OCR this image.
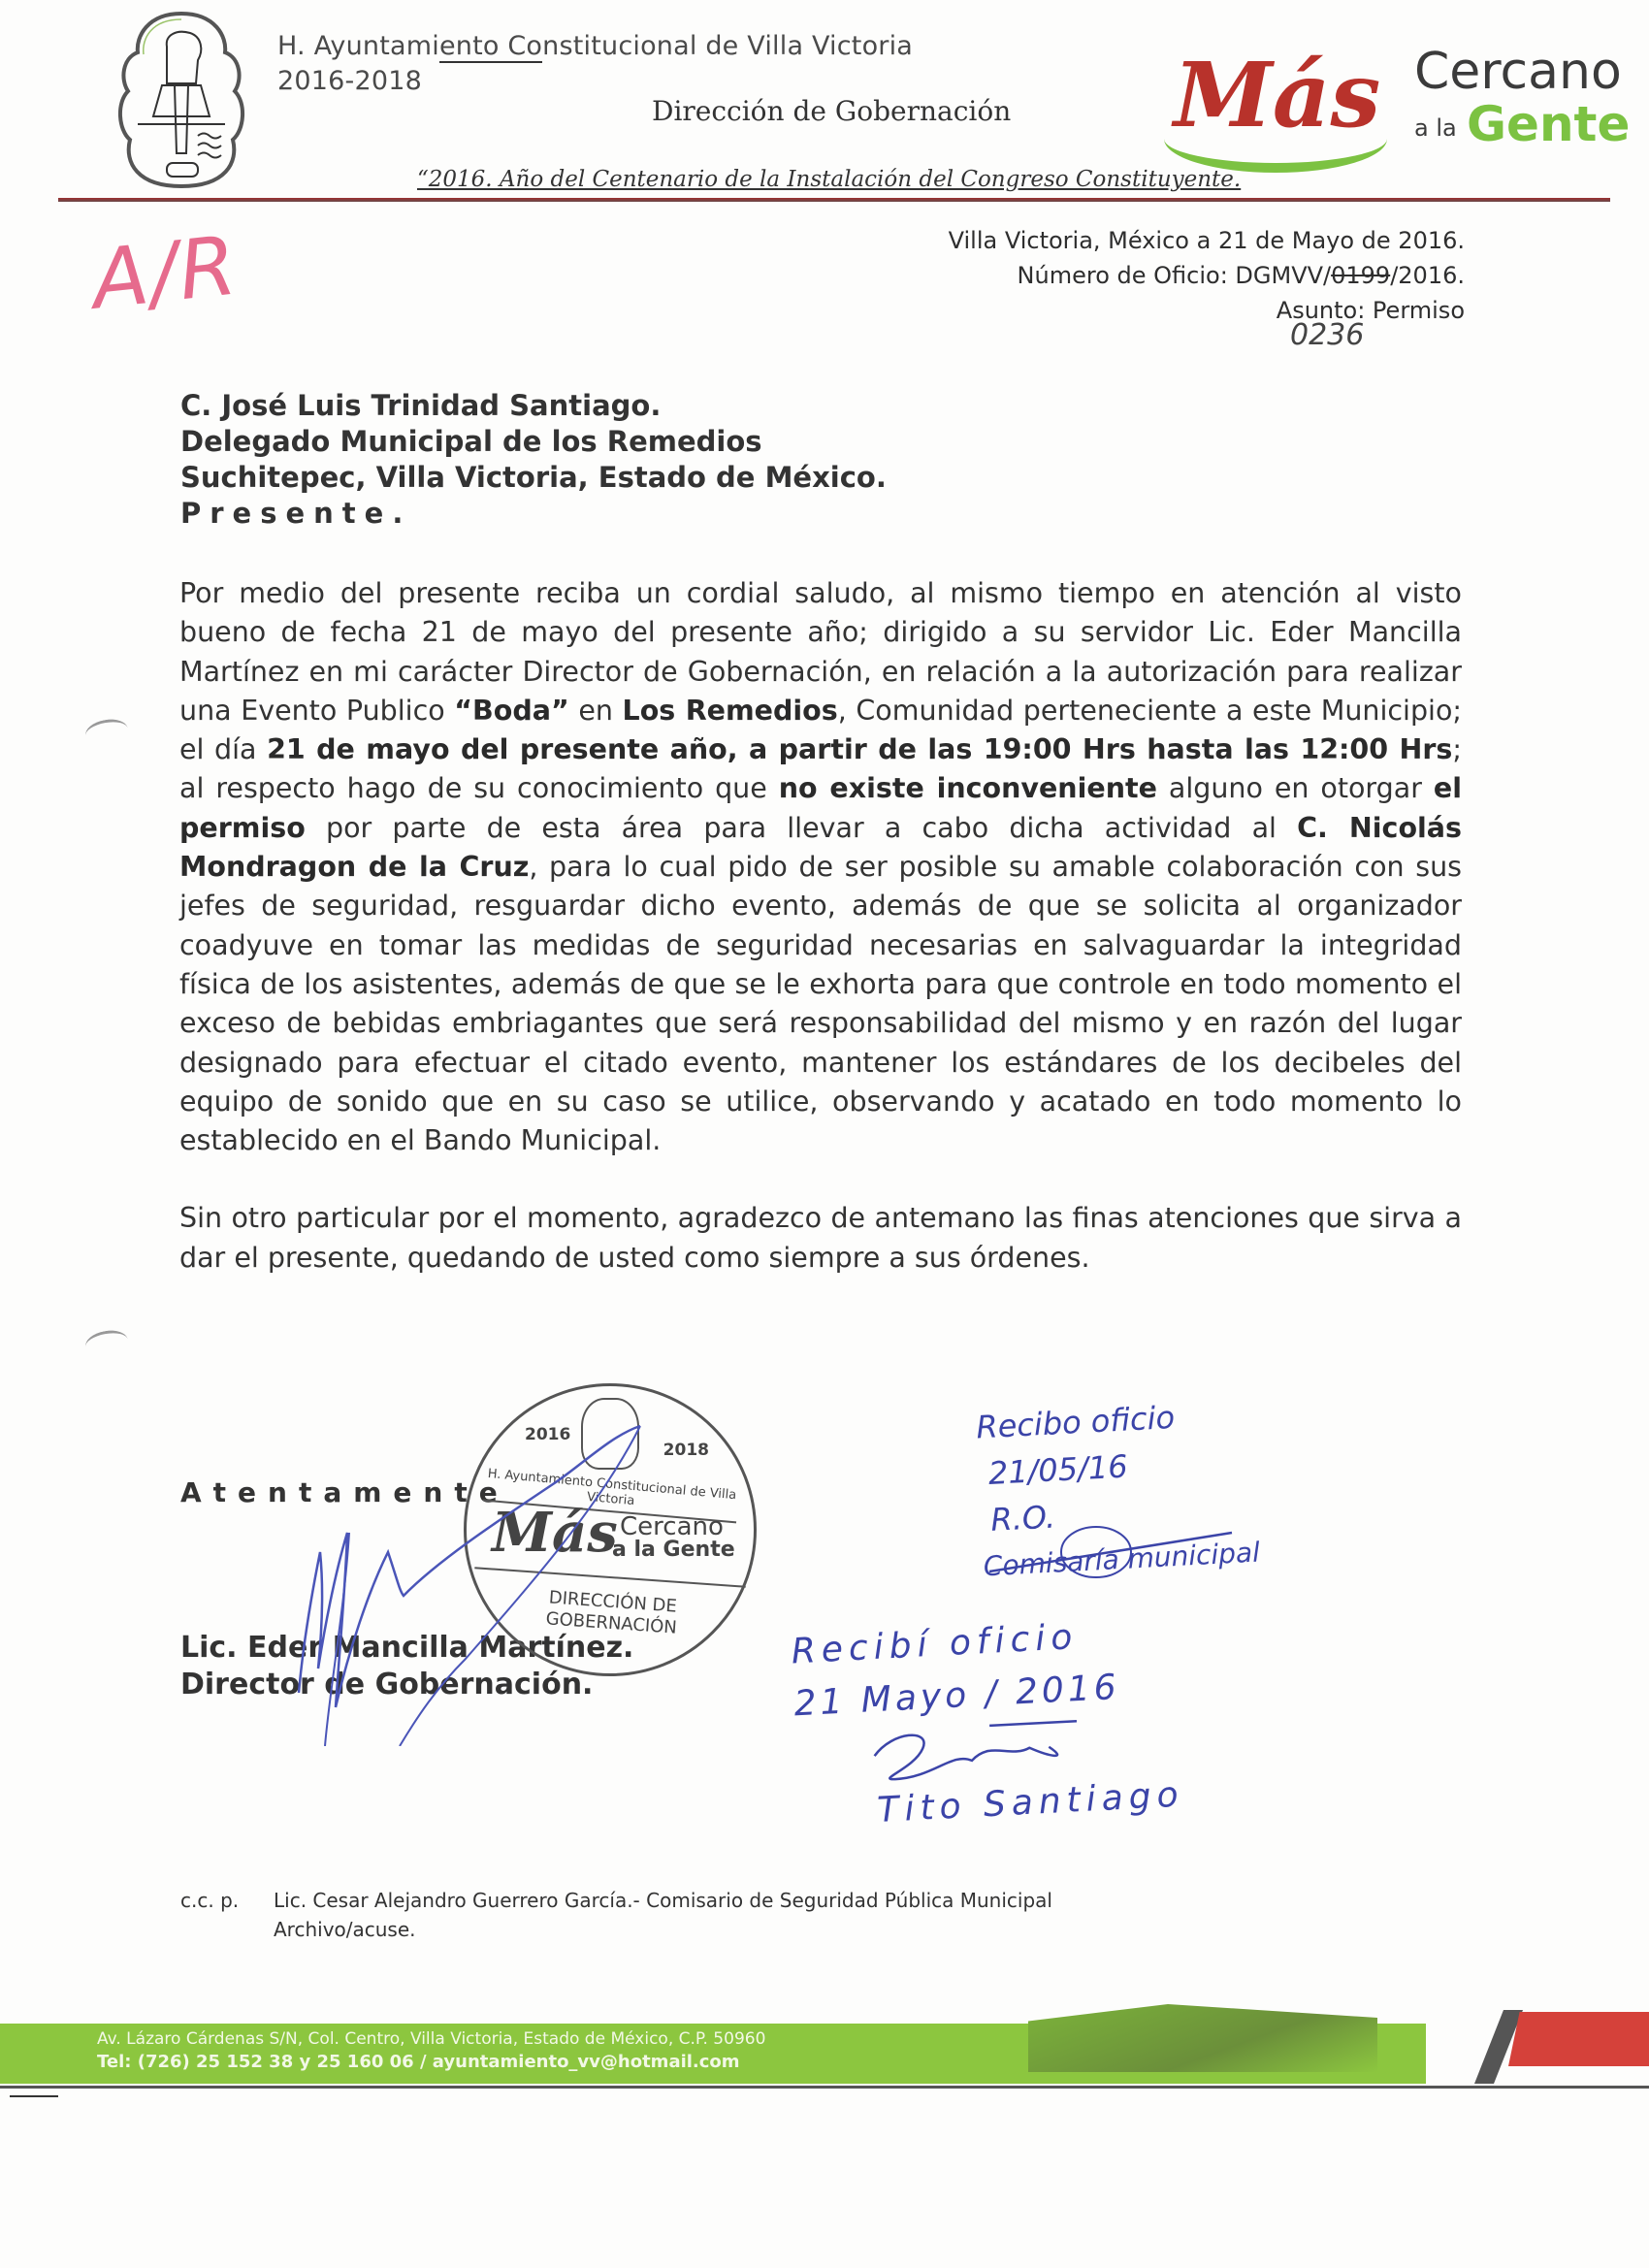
H. Ayuntamiento Constitucional de Villa Victoria
2016-2018
Dirección de Gobernación Más Cercano
a la Gente
“2016. Año del Centenario de la Instalación del Congreso Constituyente.
A/R	Villa Victoria, México a 21 de Mayo de 2016.
Número de Oficio: DGMVV/0199/2016.
Asunto: Permiso
0236
C. José Luis Trinidad Santiago.
Delegado Municipal de los Remedios
Suchitepec, Villa Victoria, Estado de México.
Presente.

Por medio del presente reciba un cordial saludo, al mismo tiempo en atención al visto bueno de fecha 21 de mayo del presente año; dirigido a su servidor Lic. Eder Mancilla Martínez en mi carácter Director de Gobernación, en relación a la autorización para realizar una Evento Publico “Boda” en Los Remedios, Comunidad perteneciente a este Municipio; el día 21 de mayo del presente año, a partir de las 19:00 Hrs hasta las 12:00 Hrs; al respecto hago de su conocimiento que no existe inconveniente alguno en otorgar el permiso por parte de esta área para llevar a cabo dicha actividad al C. Nicolás Mondragon de la Cruz, para lo cual pido de ser posible su amable colaboración con sus jefes de seguridad, resguardar dicho evento, además de que se solicita al organizador coadyuve en tomar las medidas de seguridad necesarias en salvaguardar la integridad física de los asistentes, además de que se le exhorta para que controle en todo momento el exceso de bebidas embriagantes que será responsabilidad del mismo y en razón del lugar designado para efectuar el citado evento, mantener los estándares de los decibeles del equipo de sonido que en su caso se utilice, observando y acatado en todo momento lo establecido en el Bando Municipal.

Sin otro particular por el momento, agradezco de antemano las finas atenciones que sirva a dar el presente, quedando de usted como siempre a sus órdenes.

Atentamente
Lic. Eder Mancilla Martínez.
Director de Gobernación.
2016
2018
H. Ayuntamiento Constitucional de Villa Victoria
Más Cercano
a la Gente
DIRECCIÓN DE
GOBERNACIÓN
Recibo oficio
21/05/16
R.O.
Comisaría municipal
Recibí oficio
21 Mayo / 2016
Tito Santiago
c.c. p. Lic. Cesar Alejandro Guerrero García.- Comisario de Seguridad Pública Municipal
Archivo/acuse.
Av. Lázaro Cárdenas S/N, Col. Centro, Villa Victoria, Estado de México, C.P. 50960
Tel: (726) 25 152 38 y 25 160 06 / ayuntamiento_vv@hotmail.com
